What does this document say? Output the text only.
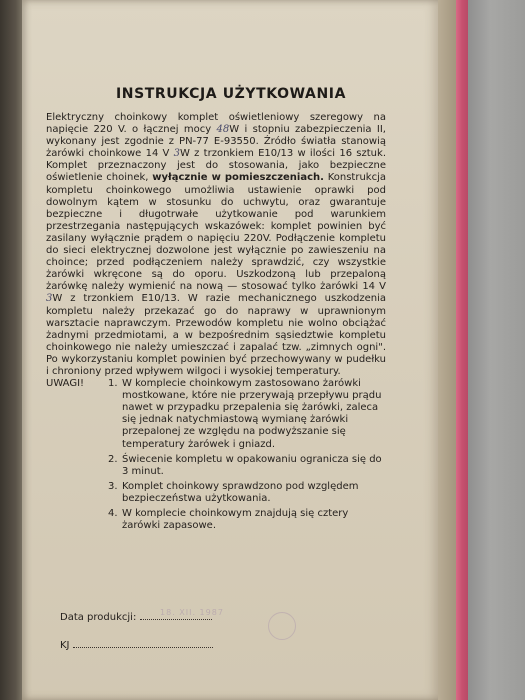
INSTRUKCJA UŻYTKOWANIA

Elektryczny choinkowy komplet oświetleniowy szeregowy na napięcie 220 V. o łącznej mocy 48W i stopniu zabezpieczenia II, wykonany jest zgodnie z PN-77 E-93550. Źródło światła stanowią żarówki choinkowe 14 V 3W z trzonkiem E10/13 w ilości 16 sztuk. Komplet przeznaczony jest do stosowania, jako bezpieczne oświetlenie choinek, wyłącznie w pomieszczeniach. Konstrukcja kompletu choinkowego umożliwia ustawienie oprawki pod dowolnym kątem w stosunku do uchwytu, oraz gwarantuje bezpieczne i długotrwałe użytkowanie pod warunkiem przestrzegania następujących wskazówek: komplet powinien być zasilany wyłącznie prądem o napięciu 220V. Podłączenie kompletu do sieci elektrycznej dozwolone jest wyłącznie po zawieszeniu na choince; przed podłączeniem należy sprawdzić, czy wszystkie żarówki wkręcone są do oporu. Uszkodzoną lub przepaloną żarówkę należy wymienić na nową — stosować tylko żarówki 14 V 3W z trzonkiem E10/13. W razie mechanicznego uszkodzenia kompletu należy przekazać go do naprawy w uprawnionym warsztacie naprawczym. Przewodów kompletu nie wolno obciążać żadnymi przedmiotami, a w bezpośrednim sąsiedztwie kompletu choinkowego nie należy umieszczać i zapalać tzw. „zimnych ogni". Po wykorzystaniu komplet powinien być przechowywany w pudełku i chroniony przed wpływem wilgoci i wysokiej temperatury.

UWAGI!	1. W komplecie choinkowym zastosowano żarówki mostkowane, które nie przerywają przepływu prądu nawet w przypadku przepalenia się żarówki, zaleca się jednak natychmiastową wymianę żarówki przepalonej ze względu na podwyższanie się temperatury żarówek i gniazd.
2. Świecenie kompletu w opakowaniu ogranicza się do 3 minut.
3. Komplet choinkowy sprawdzono pod względem bezpieczeństwa użytkowania.
4. W komplecie choinkowym znajdują się cztery żarówki zapasowe.
Data produkcji:	18. XII. 1987
KJ
